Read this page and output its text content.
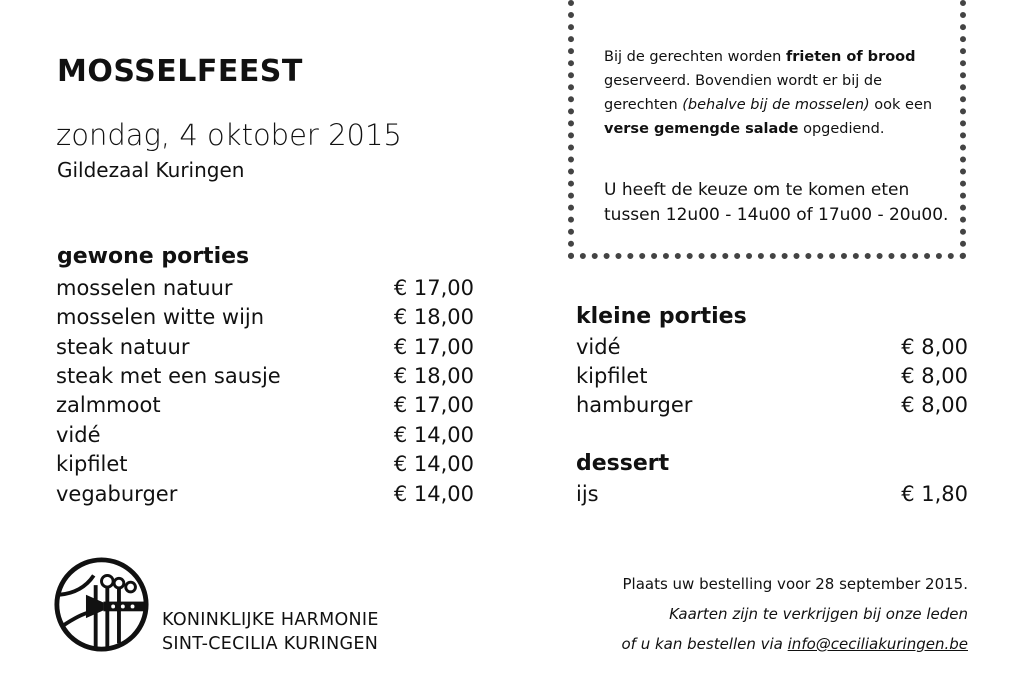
MOSSELFEEST
zondag, 4 oktober 2015
Gildezaal Kuringen
Bij de gerechten worden frieten of brood geserveerd. Bovendien wordt er bij de gerechten (behalve bij de mosselen) ook een verse gemengde salade opgediend.
U heeft de keuze om te komen eten tussen 12u00 - 14u00 of 17u00 - 20u00.
gewone porties
mosselen natuur	€ 17,00
mosselen witte wijn	€ 18,00
steak natuur	€ 17,00
steak met een sausje	€ 18,00
zalmmoot	€ 17,00
vidé	€ 14,00
kipfilet	€ 14,00
vegaburger	€ 14,00
kleine porties
vidé	€ 8,00
kipfilet	€ 8,00
hamburger	€ 8,00
dessert
ijs	€ 1,80
KONINKLIJKE HARMONIE
SINT-CECILIA KURINGEN
Plaats uw bestelling voor 28 september 2015.
Kaarten zijn te verkrijgen bij onze leden
of u kan bestellen via info@ceciliakuringen.be
